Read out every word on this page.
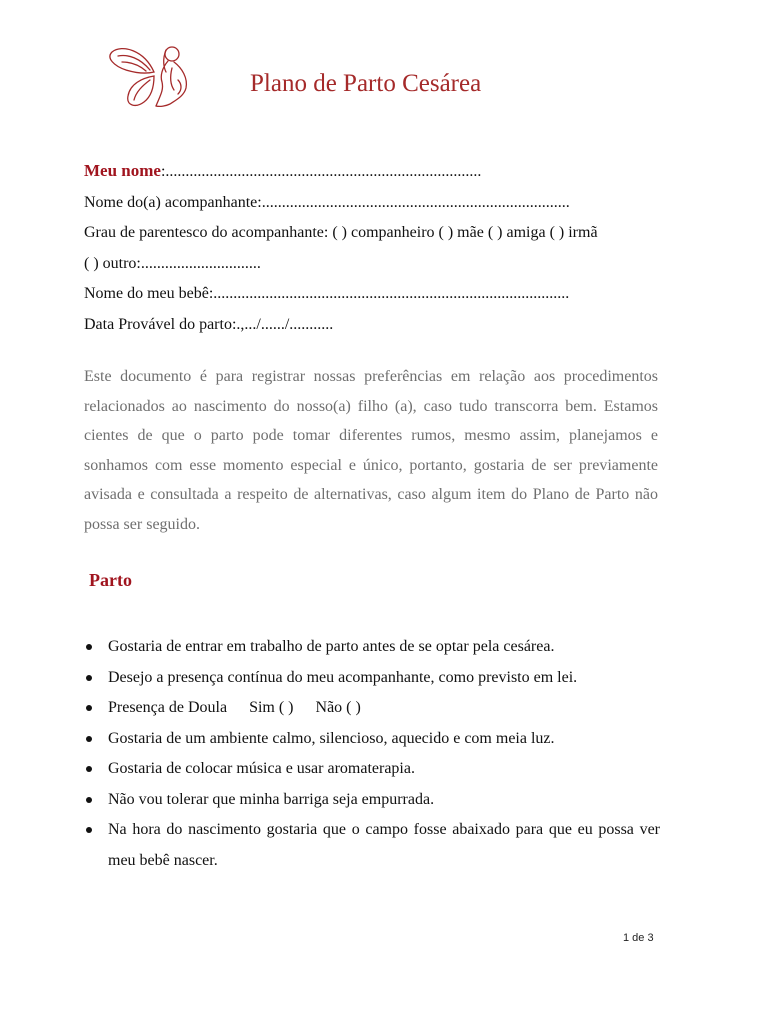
Plano de Parto Cesárea
Meu nome:...............................................................................
Nome do(a) acompanhante:.............................................................................
Grau de parentesco do acompanhante: ( ) companheiro ( ) mãe ( ) amiga ( ) irmã
( ) outro:..............................
Nome do meu bebê:.........................................................................................
Data Provável do parto:.,.../....../...........

Este documento é para registrar nossas preferências em relação aos procedimentos relacionados ao nascimento do nosso(a) filho (a), caso tudo transcorra bem. Estamos cientes de que o parto pode tomar diferentes rumos, mesmo assim, planejamos e sonhamos com esse momento especial e único, portanto, gostaria de ser previamente avisada e consultada a respeito de alternativas, caso algum item do Plano de Parto não possa ser seguido.

Parto
Gostaria de entrar em trabalho de parto antes de se optar pela cesárea.
Desejo a presença contínua do meu acompanhante, como previsto em lei.
Presença de Doula Sim ( ) Não ( )
Gostaria de um ambiente calmo, silencioso, aquecido e com meia luz.
Gostaria de colocar música e usar aromaterapia.
Não vou tolerar que minha barriga seja empurrada.
Na hora do nascimento gostaria que o campo fosse abaixado para que eu possa ver meu bebê nascer.
1 de 3
